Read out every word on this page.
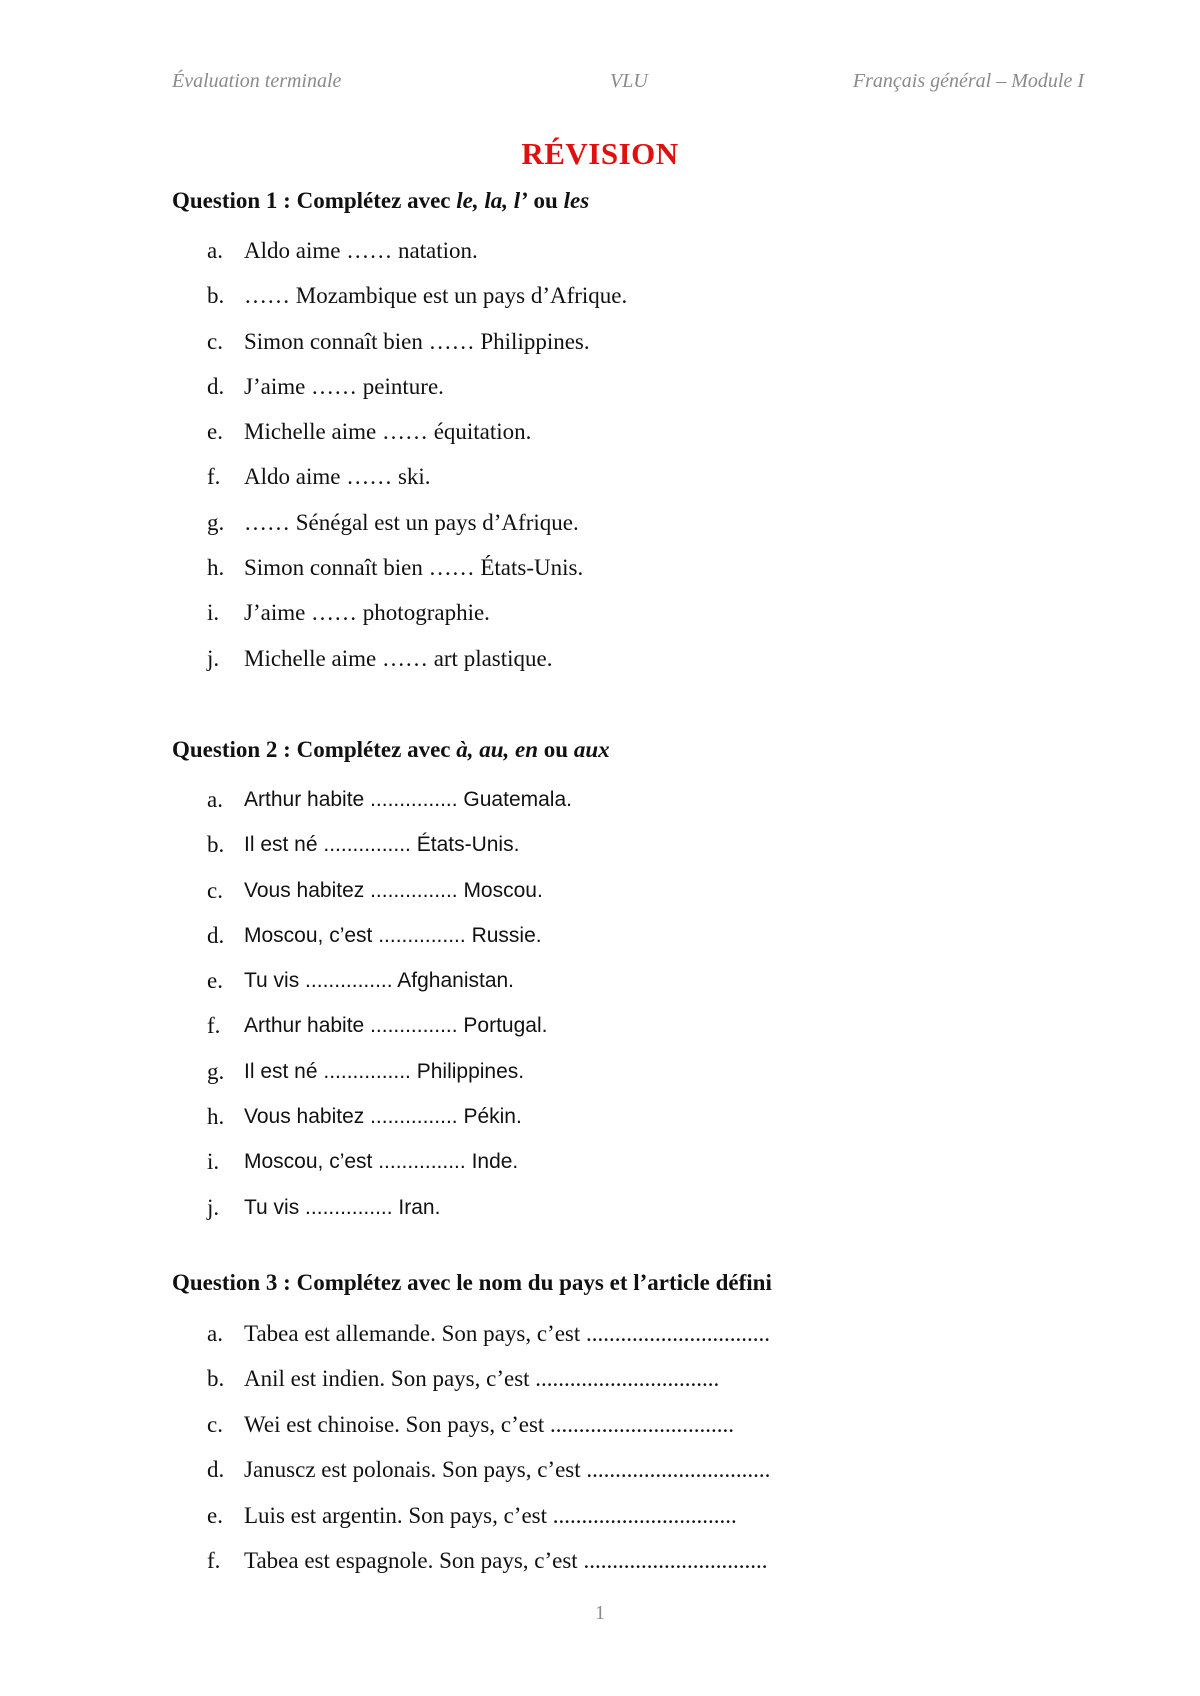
Évaluation terminale	VLU	Français général – Module I
RÉVISION
Question 1 : Complétez avec le, la, l’ ou les
a. Aldo aime …… natation.
b. …… Mozambique est un pays d’Afrique.
c. Simon connaît bien …… Philippines.
d. J’aime …… peinture.
e. Michelle aime …… équitation.
f.	Aldo aime …… ski.
g. …… Sénégal est un pays d’Afrique.
h. Simon connaît bien …… États-Unis.
i.	J’aime …… photographie.
j.	Michelle aime …… art plastique.
Question 2 : Complétez avec à, au, en ou aux
a.	Arthur habite ............... Guatemala.
b. Il est né ............... États-Unis.
c.	Vous habitez ............... Moscou.
d. Moscou, c’est ............... Russie.
e.	Tu vis ............... Afghanistan.
f.	Arthur habite ............... Portugal.
g. Il est né ............... Philippines.
h. Vous habitez ............... Pékin.
i.	Moscou, c’est ............... Inde.
j.	Tu vis ............... Iran.
Question 3 : Complétez avec le nom du pays et l’article défini
a. Tabea est allemande. Son pays, c’est ................................
b. Anil est indien. Son pays, c’est ................................
c. Wei est chinoise. Son pays, c’est ................................
d. Januscz est polonais. Son pays, c’est ................................
e. Luis est argentin. Son pays, c’est ................................
f.	Tabea est espagnole. Son pays, c’est ................................
1
